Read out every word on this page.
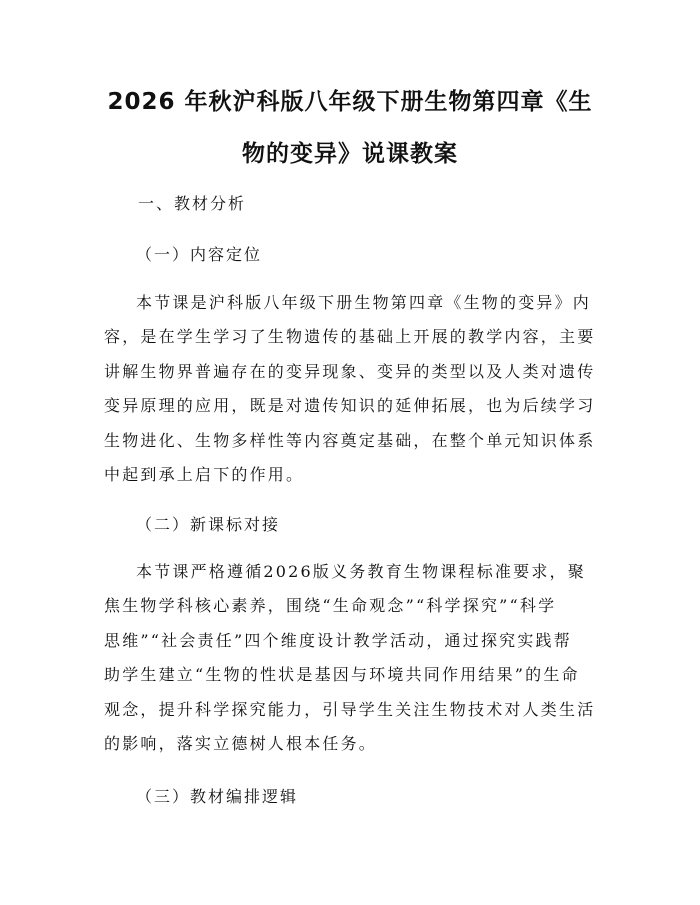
2026 年秋沪科版八年级下册生物第四章《生
物的变异》说课教案
一、教材分析
（一）内容定位
本节课是沪科版八年级下册生物第四章《生物的变异》内
容，是在学生学习了生物遗传的基础上开展的教学内容，主要
讲解生物界普遍存在的变异现象、变异的类型以及人类对遗传
变异原理的应用，既是对遗传知识的延伸拓展，也为后续学习
生物进化、生物多样性等内容奠定基础，在整个单元知识体系
中起到承上启下的作用。
（二）新课标对接
本节课严格遵循2026版义务教育生物课程标准要求，聚
焦生物学科核心素养，围绕“生命观念”“科学探究”“科学
思维”“社会责任”四个维度设计教学活动，通过探究实践帮
助学生建立“生物的性状是基因与环境共同作用结果”的生命
观念，提升科学探究能力，引导学生关注生物技术对人类生活
的影响，落实立德树人根本任务。
（三）教材编排逻辑
